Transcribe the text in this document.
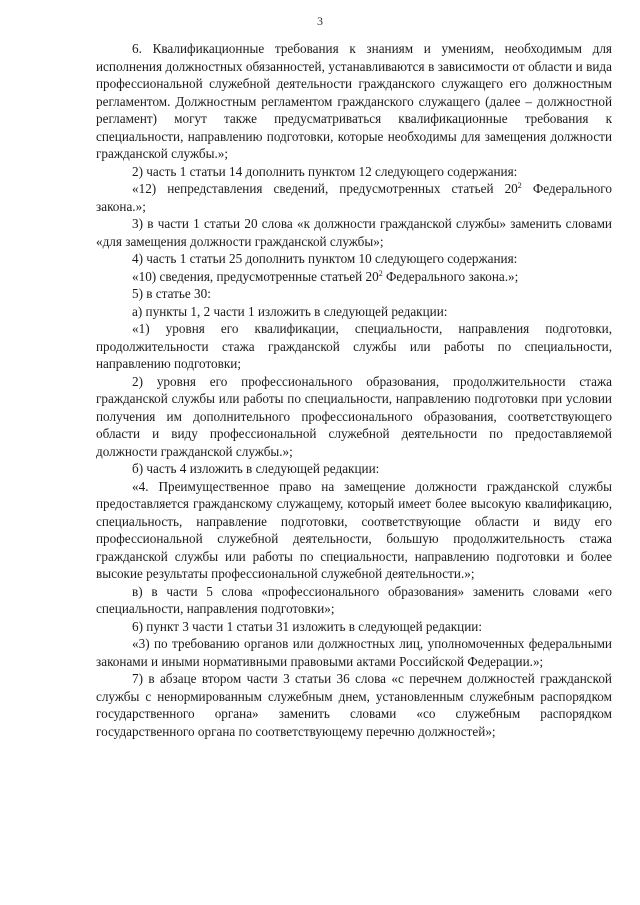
3

6. Квалификационные требования к знаниям и умениям, необходимым для исполнения должностных обязанностей, устанавливаются в зависимости от области и вида профессиональной служебной деятельности гражданского служащего его должностным регламентом. Должностным регламентом гражданского служащего (далее – должностной регламент) могут также предусматриваться квалификационные требования к специальности, направлению подготовки, которые необходимы для замещения должности гражданской службы.»;

2) часть 1 статьи 14 дополнить пунктом 12 следующего содержания:

«12) непредставления сведений, предусмотренных статьей $20^2$ Федерального закона.»;

3) в части 1 статьи 20 слова «к должности гражданской службы» заменить словами «для замещения должности гражданской службы»;

4) часть 1 статьи 25 дополнить пунктом 10 следующего содержания:

«10) сведения, предусмотренные статьей $20^2$ Федерального закона.»;

5) в статье 30:

а) пункты 1, 2 части 1 изложить в следующей редакции:

«1) уровня его квалификации, специальности, направления подготовки, продолжительности стажа гражданской службы или работы по специальности, направлению подготовки;

2) уровня его профессионального образования, продолжительности стажа гражданской службы или работы по специальности, направлению подготовки при условии получения им дополнительного профессионального образования, соответствующего области и виду профессиональной служебной деятельности по предоставляемой должности гражданской службы.»;

б) часть 4 изложить в следующей редакции:

«4. Преимущественное право на замещение должности гражданской службы предоставляется гражданскому служащему, который имеет более высокую квалификацию, специальность, направление подготовки, соответствующие области и виду его профессиональной служебной деятельности, большую продолжительность стажа гражданской службы или работы по специальности, направлению подготовки и более высокие результаты профессиональной служебной деятельности.»;

в) в части 5 слова «профессионального образования» заменить словами «его специальности, направления подготовки»;

6) пункт 3 части 1 статьи 31 изложить в следующей редакции:

«3) по требованию органов или должностных лиц, уполномоченных федеральными законами и иными нормативными правовыми актами Российской Федерации.»;

7) в абзаце втором части 3 статьи 36 слова «с перечнем должностей гражданской службы с ненормированным служебным днем, установленным служебным распорядком государственного органа» заменить словами «со служебным распорядком государственного органа по соответствующему перечню должностей»;
